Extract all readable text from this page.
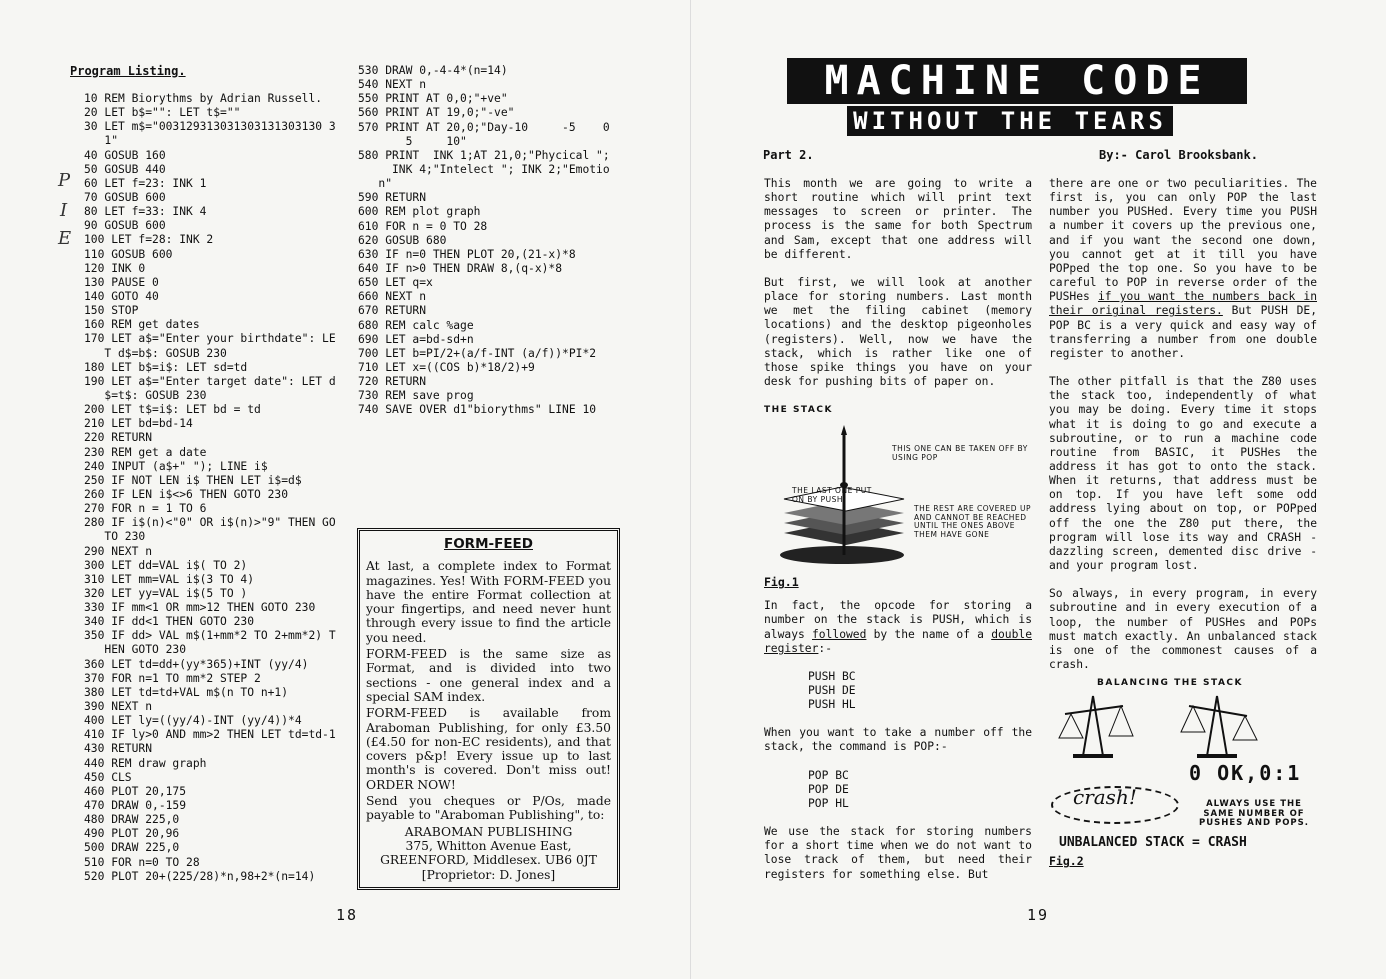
Program Listing.
10 REM Biorythms by Adrian Russell.
20 LET b$="": LET t$=""
30 LET m$="003129313031303131303130 3
1"
40 GOSUB 160
50 GOSUB 440
60 LET f=23: INK 1
70 GOSUB 600
80 LET f=33: INK 4
90 GOSUB 600
100 LET f=28: INK 2
110 GOSUB 600
120 INK 0
130 PAUSE 0
140 GOTO 40
150 STOP
160 REM get dates
170 LET a$="Enter your birthdate": LE
T d$=b$: GOSUB 230
180 LET b$=i$: LET sd=td
190 LET a$="Enter target date": LET d
$=t$: GOSUB 230
200 LET t$=i$: LET bd = td
210 LET bd=bd-14
220 RETURN
230 REM get a date
240 INPUT (a$+" "); LINE i$
250 IF NOT LEN i$ THEN LET i$=d$
260 IF LEN i$<>6 THEN GOTO 230
270 FOR n = 1 TO 6
280 IF i$(n)<"0" OR i$(n)>"9" THEN GO
TO 230
290 NEXT n
300 LET dd=VAL i$( TO 2)
310 LET mm=VAL i$(3 TO 4)
320 LET yy=VAL i$(5 TO )
330 IF mm<1 OR mm>12 THEN GOTO 230
340 IF dd<1 THEN GOTO 230
350 IF dd> VAL m$(1+mm*2 TO 2+mm*2) T
HEN GOTO 230
360 LET td=dd+(yy*365)+INT (yy/4)
370 FOR n=1 TO mm*2 STEP 2
380 LET td=td+VAL m$(n TO n+1)
390 NEXT n
400 LET ly=((yy/4)-INT (yy/4))*4
410 IF ly>0 AND mm>2 THEN LET td=td-1
430 RETURN
440 REM draw graph
450 CLS
460 PLOT 20,175
470 DRAW 0,-159
480 DRAW 225,0
490 PLOT 20,96
500 DRAW 225,0
510 FOR n=0 TO 28
520 PLOT 20+(225/28)*n,98+2*(n=14)
530 DRAW 0,-4-4*(n=14)
540 NEXT n
550 PRINT AT 0,0;"+ve"
560 PRINT AT 19,0;"-ve"
570 PRINT AT 20,0;"Day-10     -5    0
5     10"
580 PRINT  INK 1;AT 21,0;"Phycical ";
INK 4;"Intelect "; INK 2;"Emotio
n"
590 RETURN
600 REM plot graph
610 FOR n = 0 TO 28
620 GOSUB 680
630 IF n=0 THEN PLOT 20,(21-x)*8
640 IF n>0 THEN DRAW 8,(q-x)*8
650 LET q=x
660 NEXT n
670 RETURN
680 REM calc %age
690 LET a=bd-sd+n
700 LET b=PI/2+(a/f-INT (a/f))*PI*2
710 LET x=((COS b)*18/2)+9
720 RETURN
730 REM save prog
740 SAVE OVER d1"biorythms" LINE 10
P
I
E
FORM-FEED

At last, a complete index to Format magazines. Yes! With FORM-FEED you have the entire Format collection at your fingertips, and need never hunt through every issue to find the article you need.

FORM-FEED is the same size as Format, and is divided into two sections - one general index and a special SAM index.

FORM-FEED is available from Araboman Publishing, for only £3.50 (£4.50 for non-EC residents), and that covers p&p! Every issue up to last month's is covered. Don't miss out! ORDER NOW!

Send you cheques or P/Os, made payable to "Araboman Publishing", to:

ARABOMAN PUBLISHING

375, Whitton Avenue East,

GREENFORD, Middlesex. UB6 0JT

[Proprietor: D. Jones]

18
MACHINE CODE
WITHOUT THE TEARS
Part 2.	By:- Carol Brooksbank.

This month we are going to write a short routine which will print text messages to screen or printer. The process is the same for both Spectrum and Sam, except that one address will be different.

But first, we will look at another place for storing numbers. Last month we met the filing cabinet (memory locations) and the desktop pigeonholes (registers). Well, now we have the stack, which is rather like one of those spike things you have on your desk for pushing bits of paper on.

THE STACK
THE LAST ONE PUT ON BY PUSH
THIS ONE CAN BE TAKEN OFF BY USING POP
THE REST ARE COVERED UP AND CANNOT BE REACHED UNTIL THE ONES ABOVE THEM HAVE GONE
Fig.1

In fact, the opcode for storing a number on the stack is PUSH, which is always followed by the name of a double register:-

PUSH BC
PUSH DE
PUSH HL

When you want to take a number off the stack, the command is POP:-

POP BC
POP DE
POP HL

We use the stack for storing numbers for a short time when we do not want to lose track of them, but need their registers for something else. But

there are one or two peculiarities. The first is, you can only POP the last number you PUSHed. Every time you PUSH a number it covers up the previous one, and if you want the second one down, you cannot get at it till you have POPped the top one. So you have to be careful to POP in reverse order of the PUSHes if you want the numbers back in their original registers. But PUSH DE, POP BC is a very quick and easy way of transferring a number from one double register to another.

The other pitfall is that the Z80 uses the stack too, independently of what you may be doing. Every time it stops what it is doing to go and execute a subroutine, or to run a machine code routine from BASIC, it PUSHes the address it has got to onto the stack. When it returns, that address must be on top. If you have left some odd address lying about on top, or POPped off the one the Z80 put there, the program will lose its way and CRASH - dazzling screen, demented disc drive - and your program lost.

So always, in every program, in every subroutine and in every execution of a loop, the number of PUSHes and POPs must match exactly. An unbalanced stack is one of the commonest causes of a crash.

BALANCING THE STACK
0 OK,0:1
crash!	ALWAYS USE THE SAME NUMBER OF PUSHES AND POPS.
UNBALANCED STACK = CRASH
Fig.2
19
